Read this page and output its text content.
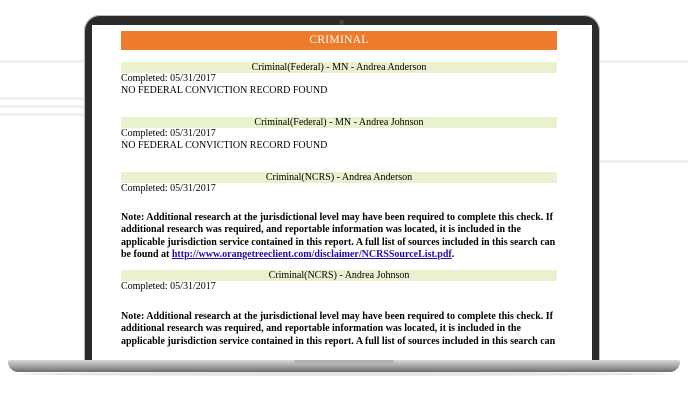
CRIMINAL
Criminal(Federal) - MN - Andrea Anderson
Completed: 05/31/2017
NO FEDERAL CONVICTION RECORD FOUND
Criminal(Federal) - MN - Andrea Johnson
Completed: 05/31/2017
NO FEDERAL CONVICTION RECORD FOUND
Criminal(NCRS) - Andrea Anderson
Completed: 05/31/2017
Note: Additional research at the jurisdictional level may have been required to complete this check. If additional research was required, and reportable information was located, it is included in the applicable jurisdiction service contained in this report. A full list of sources included in this search can be found at http://www.orangetreeclient.com/disclaimer/NCRSSourceList.pdf.
Criminal(NCRS) - Andrea Johnson
Completed: 05/31/2017
Note: Additional research at the jurisdictional level may have been required to complete this check. If additional research was required, and reportable information was located, it is included in the applicable jurisdiction service contained in this report. A full list of sources included in this search can
